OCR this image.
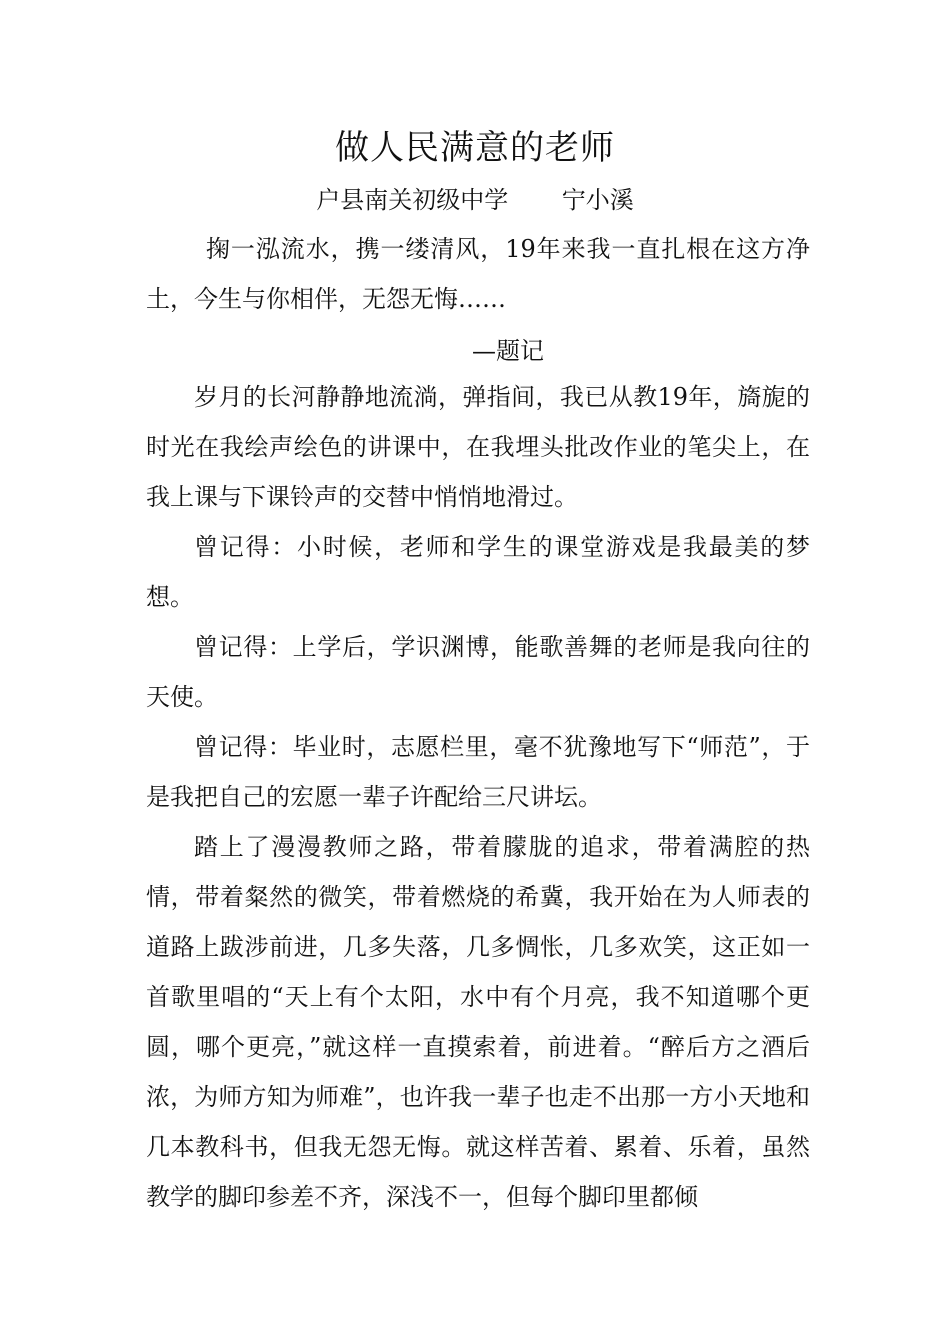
做人民满意的老师
户县南关初级中学       宁小溪
掬一泓流水，携一缕清风，19年来我一直扎根在这方净土，今生与你相伴，无怨无悔……
—题记

岁月的长河静静地流淌，弹指间，我已从教19年，旖旎的时光在我绘声绘色的讲课中，在我埋头批改作业的笔尖上，在我上课与下课铃声的交替中悄悄地滑过。

曾记得：小时候，老师和学生的课堂游戏是我最美的梦想。

曾记得：上学后，学识渊博，能歌善舞的老师是我向往的天使。

曾记得：毕业时，志愿栏里，毫不犹豫地写下“师范”，于是我把自己的宏愿一辈子许配给三尺讲坛。

踏上了漫漫教师之路，带着朦胧的追求，带着满腔的热情，带着粲然的微笑，带着燃烧的希冀，我开始在为人师表的道路上跋涉前进，几多失落，几多惆怅，几多欢笑，这正如一首歌里唱的“天上有个太阳，水中有个月亮，我不知道哪个更圆，哪个更亮，”就这样一直摸索着，前进着。“醉后方之酒后浓，为师方知为师难”，也许我一辈子也走不出那一方小天地和几本教科书，但我无怨无悔。就这样苦着、累着、乐着，虽然教学的脚印参差不齐，深浅不一，但每个脚印里都倾
